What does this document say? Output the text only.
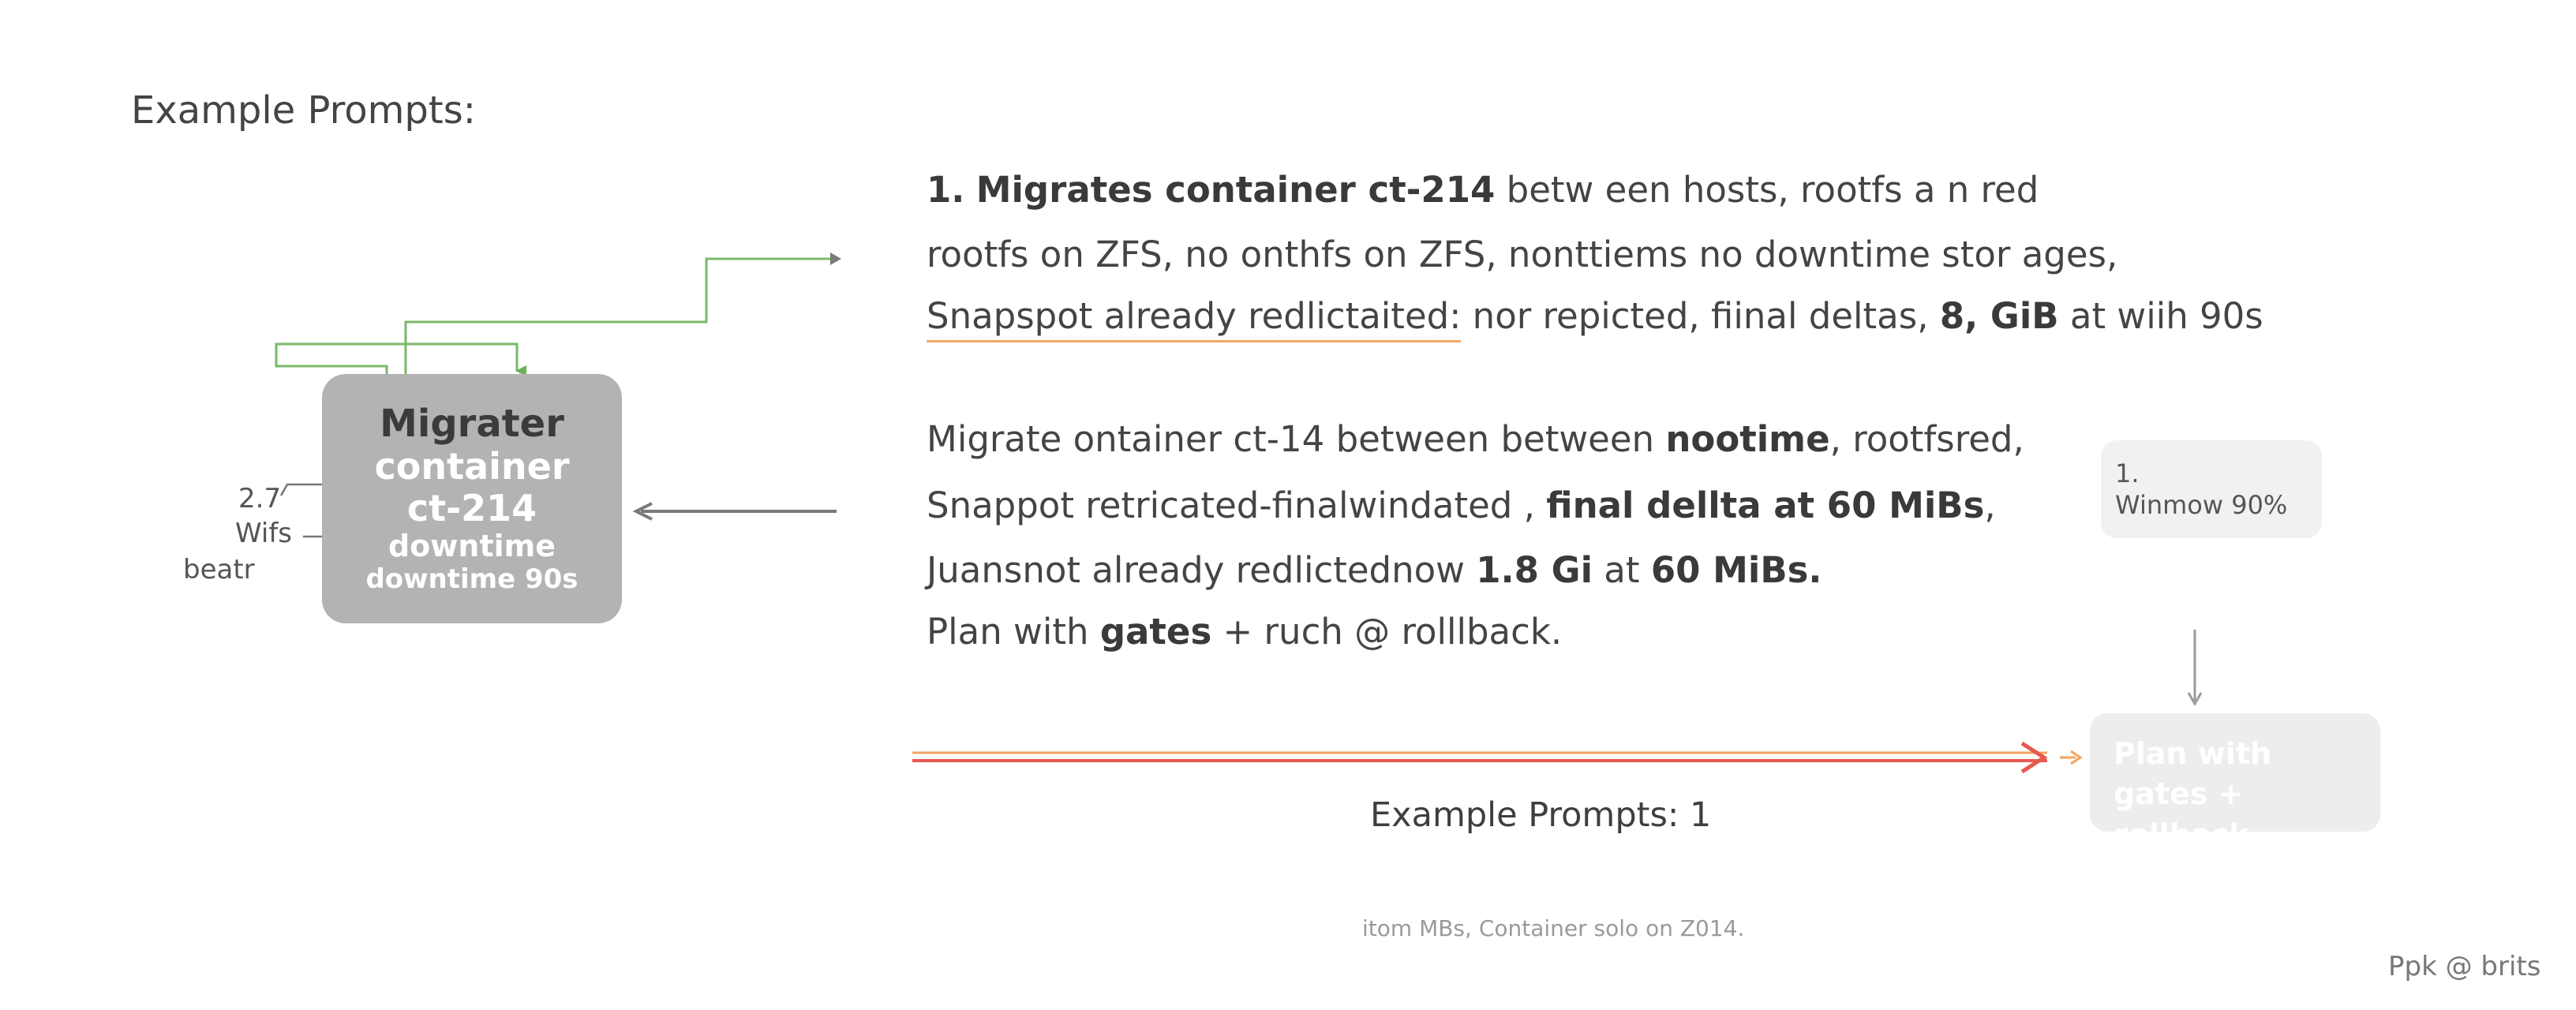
Example Prompts:
1. Migrates container ct-214 betw een hosts, rootfs a n red
rootfs on ZFS, no onthfs on ZFS, nonttiems no downtime stor ages,
Snapspot already redlictaited: nor repicted, fiinal deltas, 8, GiB at wiih 90s
Migrate ontainer ct-14 between between nootime, rootfsred,
Snappot retricated-finalwindated , final dellta at 60 MiBs,
Juansnot already redlictednow 1.8 Gi at 60 MiBs.
Plan with gates + ruch @ rolllback.
Migrater
container
ct-214
downtime
downtime 90s
2.7
Wifs
beatr
1.
Winmow 90%
Plan with
gates + rollback
Example Prompts: 1
itom MBs, Container solo on Z014.
Ppk @ brits
